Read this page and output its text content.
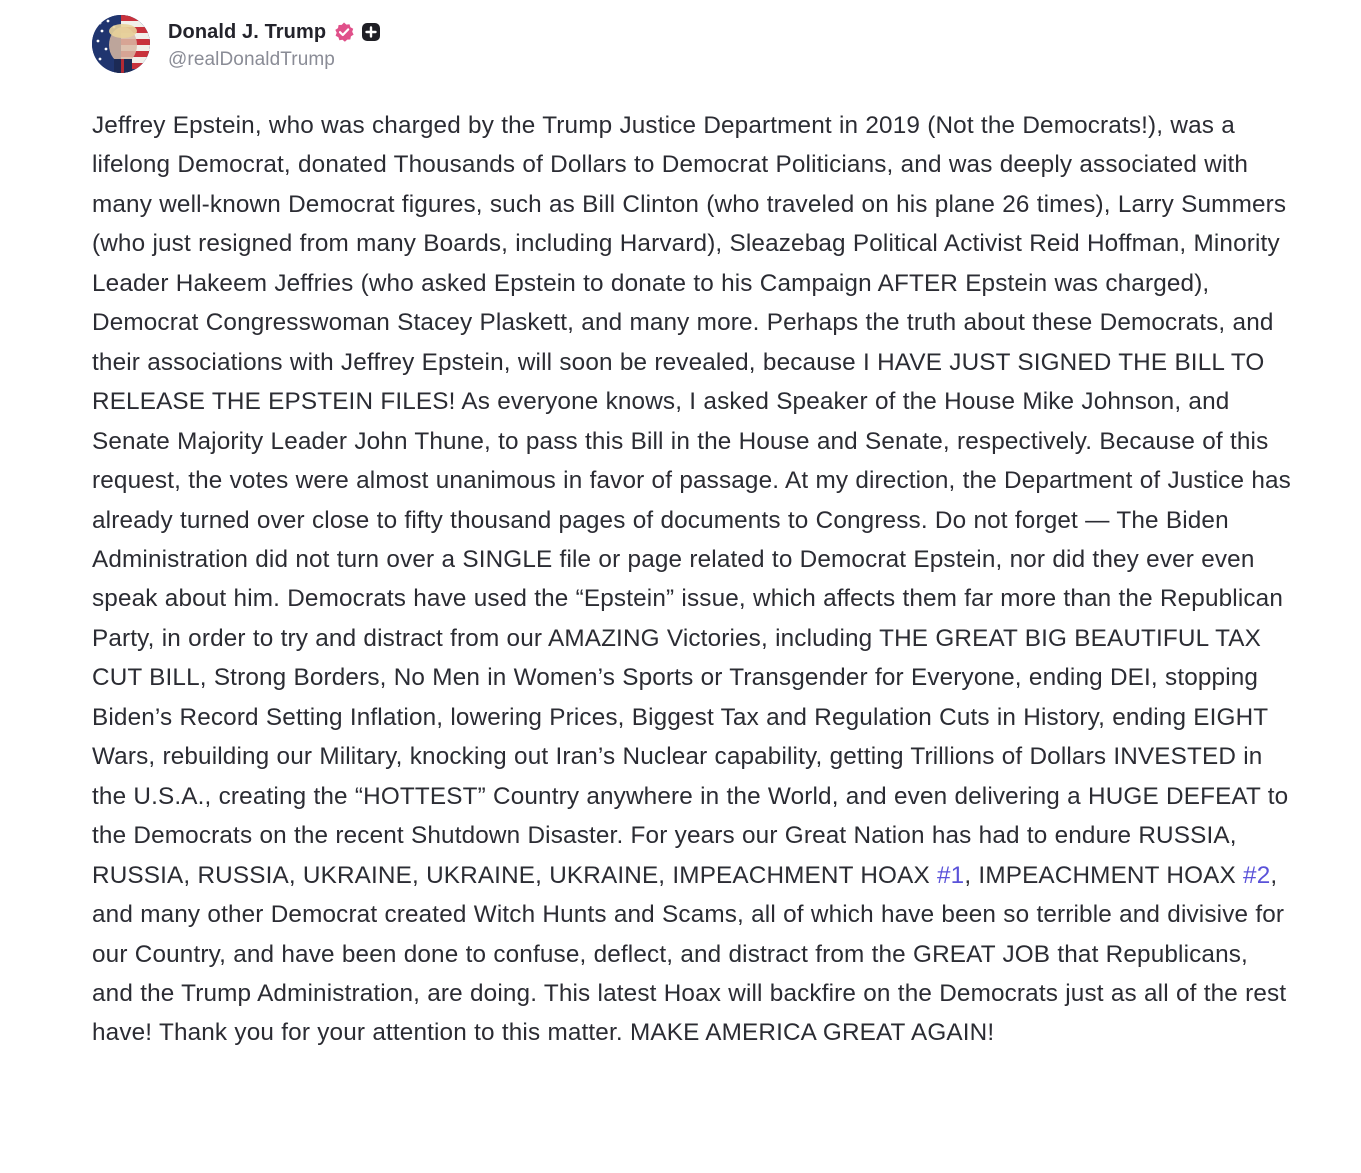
Donald J. Trump
@realDonaldTrump

Jeffrey Epstein, who was charged by the Trump Justice Department in 2019 (Not the Democrats!), was a lifelong Democrat, donated Thousands of Dollars to Democrat Politicians, and was deeply associated with many well-known Democrat figures, such as Bill Clinton (who traveled on his plane 26 times), Larry Summers (who just resigned from many Boards, including Harvard), Sleazebag Political Activist Reid Hoffman, Minority Leader Hakeem Jeffries (who asked Epstein to donate to his Campaign AFTER Epstein was charged), Democrat Congresswoman Stacey Plaskett, and many more. Perhaps the truth about these Democrats, and their associations with Jeffrey Epstein, will soon be revealed, because I HAVE JUST SIGNED THE BILL TO RELEASE THE EPSTEIN FILES! As everyone knows, I asked Speaker of the House Mike Johnson, and Senate Majority Leader John Thune, to pass this Bill in the House and Senate, respectively. Because of this request, the votes were almost unanimous in favor of passage. At my direction, the Department of Justice has already turned over close to fifty thousand pages of documents to Congress. Do not forget — The Biden Administration did not turn over a SINGLE file or page related to Democrat Epstein, nor did they ever even speak about him. Democrats have used the “Epstein” issue, which affects them far more than the Republican Party, in order to try and distract from our AMAZING Victories, including THE GREAT BIG BEAUTIFUL TAX CUT BILL, Strong Borders, No Men in Women’s Sports or Transgender for Everyone, ending DEI, stopping Biden’s Record Setting Inflation, lowering Prices, Biggest Tax and Regulation Cuts in History, ending EIGHT Wars, rebuilding our Military, knocking out Iran’s Nuclear capability, getting Trillions of Dollars INVESTED in the U.S.A., creating the “HOTTEST” Country anywhere in the World, and even delivering a HUGE DEFEAT to the Democrats on the recent Shutdown Disaster. For years our Great Nation has had to endure RUSSIA, RUSSIA, RUSSIA, UKRAINE, UKRAINE, UKRAINE, IMPEACHMENT HOAX #1, IMPEACHMENT HOAX #2, and many other Democrat created Witch Hunts and Scams, all of which have been so terrible and divisive for our Country, and have been done to confuse, deflect, and distract from the GREAT JOB that Republicans, and the Trump Administration, are doing. This latest Hoax will backfire on the Democrats just as all of the rest have! Thank you for your attention to this matter. MAKE AMERICA GREAT AGAIN!
